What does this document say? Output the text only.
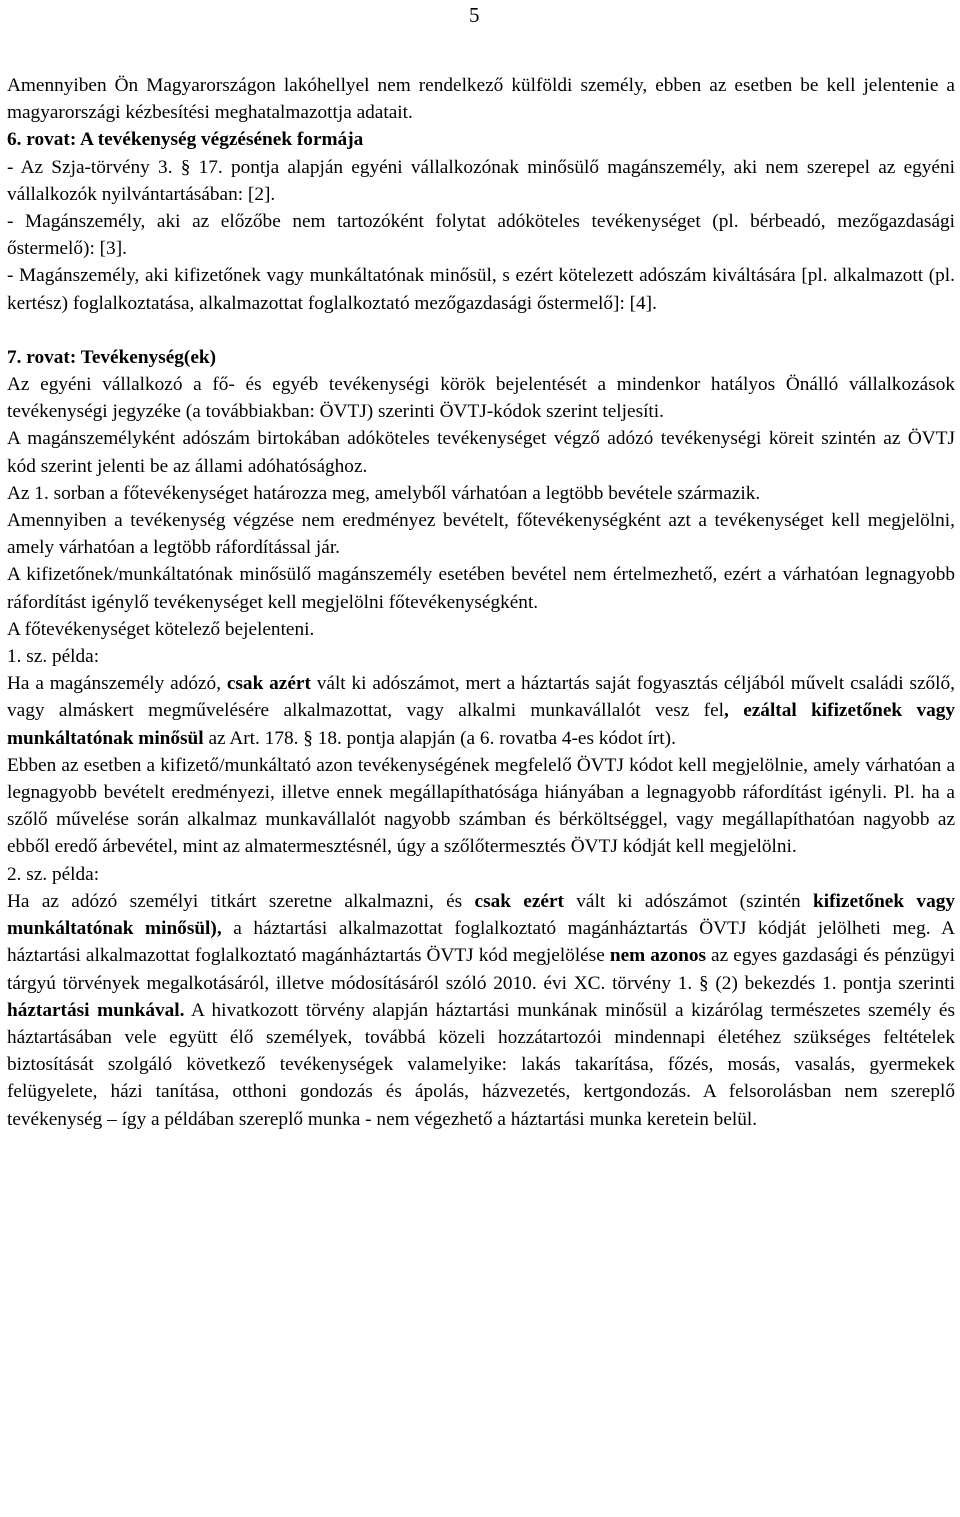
5

Amennyiben Ön Magyarországon lakóhellyel nem rendelkező külföldi személy, ebben az esetben be kell jelentenie a magyarországi kézbesítési meghatalmazottja adatait.

6. rovat: A tevékenység végzésének formája

- Az Szja-törvény 3. § 17. pontja alapján egyéni vállalkozónak minősülő magánszemély, aki nem szerepel az egyéni vállalkozók nyilvántartásában: [2].

- Magánszemély, aki az előzőbe nem tartozóként folytat adóköteles tevékenységet (pl. bérbeadó, mezőgazdasági őstermelő): [3].

- Magánszemély, aki kifizetőnek vagy munkáltatónak minősül, s ezért kötelezett adószám kiváltására [pl. alkalmazott (pl. kertész) foglalkoztatása, alkalmazottat foglalkoztató mezőgazdasági őstermelő]: [4].

7. rovat: Tevékenység(ek)

Az egyéni vállalkozó a fő- és egyéb tevékenységi körök bejelentését a mindenkor hatályos Önálló vállalkozások tevékenységi jegyzéke (a továbbiakban: ÖVTJ) szerinti ÖVTJ-kódok szerint teljesíti.

A magánszemélyként adószám birtokában adóköteles tevékenységet végző adózó tevékenységi köreit szintén az ÖVTJ kód szerint jelenti be az állami adóhatósághoz.

Az 1. sorban a főtevékenységet határozza meg, amelyből várhatóan a legtöbb bevétele származik.

Amennyiben a tevékenység végzése nem eredményez bevételt, főtevékenységként azt a tevékenységet kell megjelölni, amely várhatóan a legtöbb ráfordítással jár.

A kifizetőnek/munkáltatónak minősülő magánszemély esetében bevétel nem értelmezhető, ezért a várhatóan legnagyobb ráfordítást igénylő tevékenységet kell megjelölni főtevékenységként.

A főtevékenységet kötelező bejelenteni.

1. sz. példa:

Ha a magánszemély adózó, csak azért vált ki adószámot, mert a háztartás saját fogyasztás céljából művelt családi szőlő, vagy almáskert megművelésére alkalmazottat, vagy alkalmi munkavállalót vesz fel, ezáltal kifizetőnek vagy munkáltatónak minősül az Art. 178. § 18. pontja alapján (a 6. rovatba 4-es kódot írt).

Ebben az esetben a kifizető/munkáltató azon tevékenységének megfelelő ÖVTJ kódot kell megjelölnie, amely várhatóan a legnagyobb bevételt eredményezi, illetve ennek megállapíthatósága hiányában a legnagyobb ráfordítást igényli. Pl. ha a szőlő művelése során alkalmaz munkavállalót nagyobb számban és bérköltséggel, vagy megállapíthatóan nagyobb az ebből eredő árbevétel, mint az almatermesztésnél, úgy a szőlőtermesztés ÖVTJ kódját kell megjelölni.

2. sz. példa:

Ha az adózó személyi titkárt szeretne alkalmazni, és csak ezért vált ki adószámot (szintén kifizetőnek vagy munkáltatónak minősül), a háztartási alkalmazottat foglalkoztató magánháztartás ÖVTJ kódját jelölheti meg. A háztartási alkalmazottat foglalkoztató magánháztartás ÖVTJ kód megjelölése nem azonos az egyes gazdasági és pénzügyi tárgyú törvények megalkotásáról, illetve módosításáról szóló 2010. évi XC. törvény 1. § (2) bekezdés 1. pontja szerinti háztartási munkával. A hivatkozott törvény alapján háztartási munkának minősül a kizárólag természetes személy és háztartásában vele együtt élő személyek, továbbá közeli hozzátartozói mindennapi életéhez szükséges feltételek biztosítását szolgáló következő tevékenységek valamelyike: lakás takarítása, főzés, mosás, vasalás, gyermekek felügyelete, házi tanítása, otthoni gondozás és ápolás, házvezetés, kertgondozás. A felsorolásban nem szereplő tevékenység – így a példában szereplő munka - nem végezhető a háztartási munka keretein belül.
